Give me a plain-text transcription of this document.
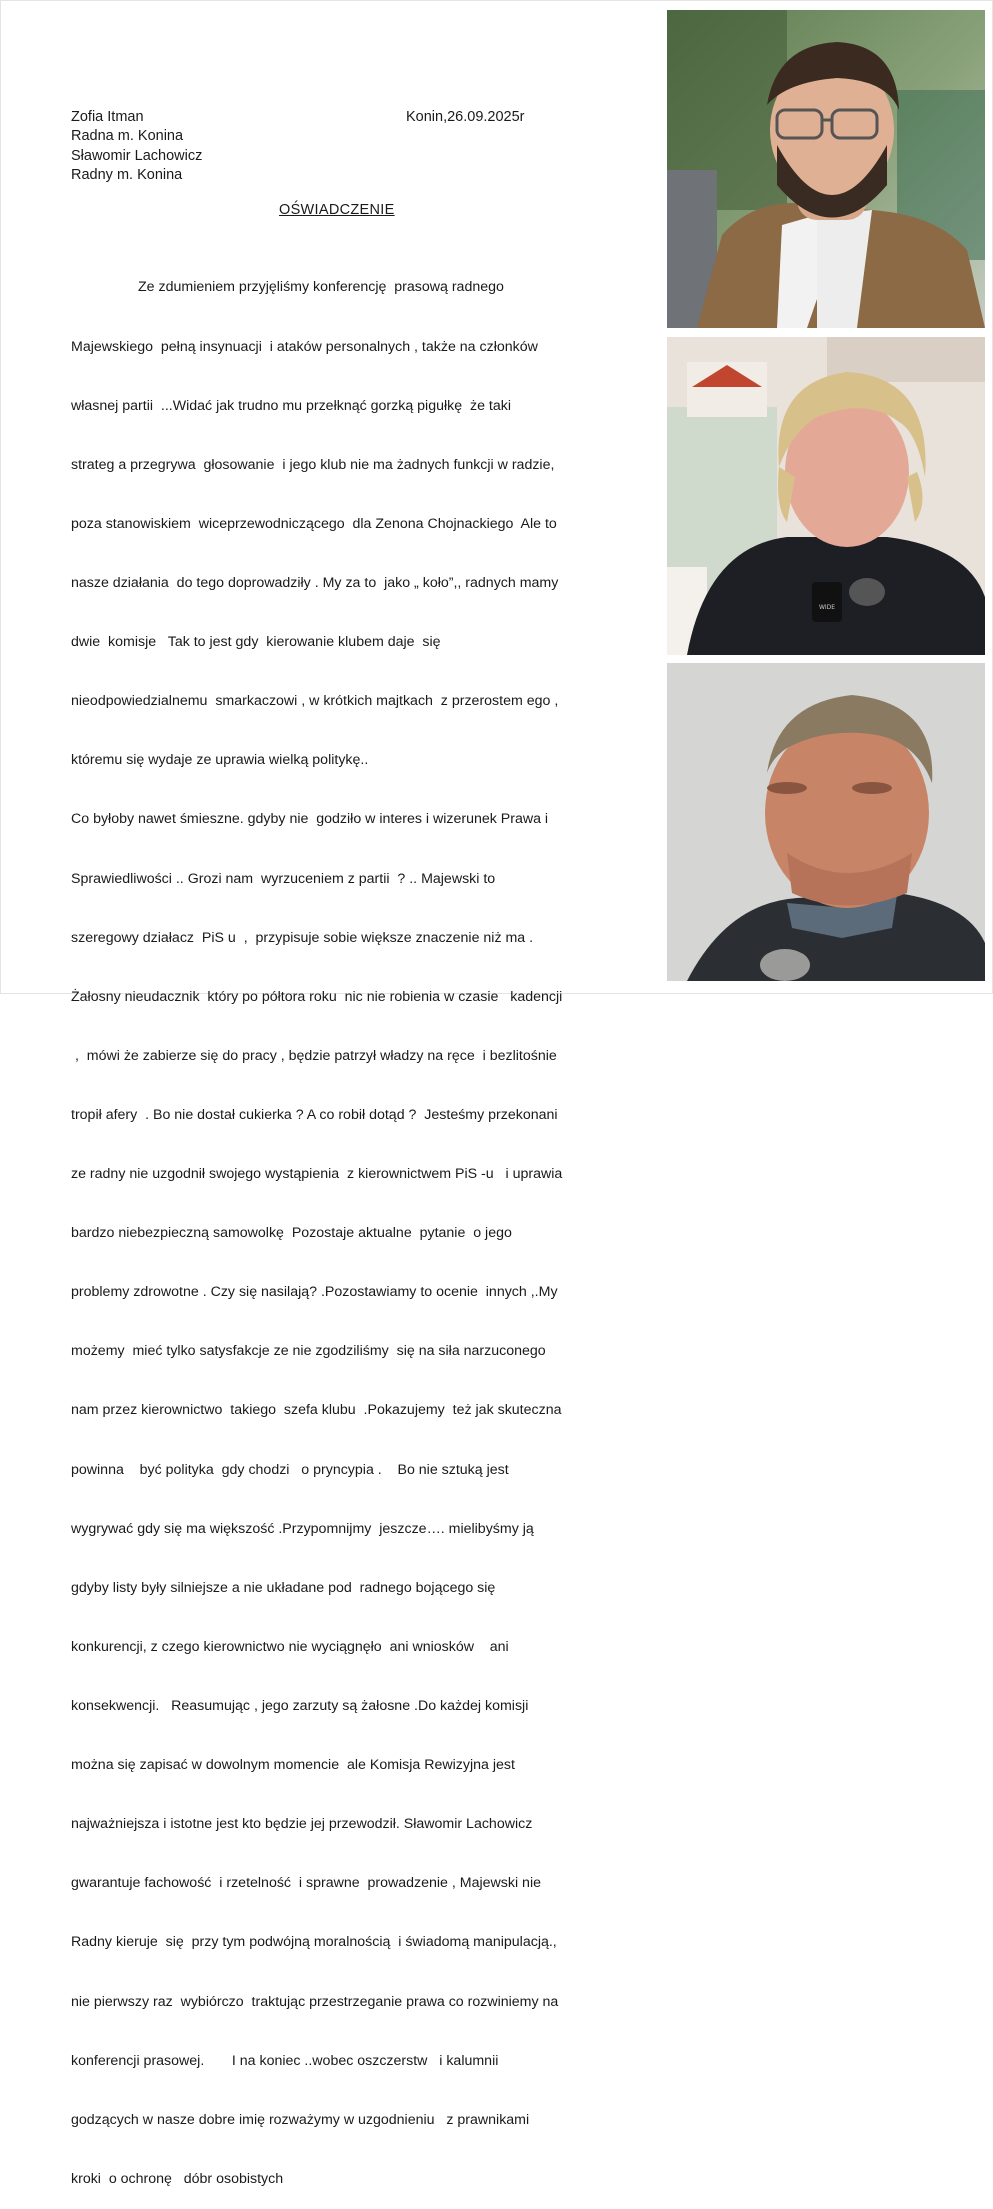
Zofia Itman
Radna m. Konina
Sławomir Lachowicz
Radny m. Konina
Konin,26.09.2025r
OŚWIADCZENIE

Ze zdumieniem przyjęliśmy konferencję  prasową radnego

Majewskiego  pełną insynuacji  i ataków personalnych , także na członków

własnej partii  ...Widać jak trudno mu przełknąć gorzką pigułkę  że taki

strateg a przegrywa  głosowanie  i jego klub nie ma żadnych funkcji w radzie,

poza stanowiskiem  wiceprzewodniczącego  dla Zenona Chojnackiego  Ale to

nasze działania  do tego doprowadziły . My za to  jako „ koło”,, radnych mamy

dwie  komisje   Tak to jest gdy  kierowanie klubem daje  się

nieodpowiedzialnemu  smarkaczowi , w krótkich majtkach  z przerostem ego ,

któremu się wydaje ze uprawia wielką politykę..

Co byłoby nawet śmieszne. gdyby nie  godziło w interes i wizerunek Prawa i

Sprawiedliwości .. Grozi nam  wyrzuceniem z partii  ? .. Majewski to

szeregowy działacz  PiS u  ,  przypisuje sobie większe znaczenie niż ma .

Żałosny nieudacznik  który po półtora roku  nic nie robienia w czasie   kadencji

,  mówi że zabierze się do pracy , będzie patrzył władzy na ręce  i bezlitośnie

tropił afery  . Bo nie dostał cukierka ? A co robił dotąd ?  Jesteśmy przekonani

ze radny nie uzgodnił swojego wystąpienia  z kierownictwem PiS -u   i uprawia

bardzo niebezpieczną samowolkę  Pozostaje aktualne  pytanie  o jego

problemy zdrowotne . Czy się nasilają? .Pozostawiamy to ocenie  innych ,.My

możemy  mieć tylko satysfakcje ze nie zgodziliśmy  się na siła narzuconego

nam przez kierownictwo  takiego  szefa klubu  .Pokazujemy  też jak skuteczna

powinna    być polityka  gdy chodzi   o pryncypia .    Bo nie sztuką jest

wygrywać gdy się ma większość .Przypomnijmy  jeszcze…. mielibyśmy ją

gdyby listy były silniejsze a nie układane pod  radnego bojącego się

konkurencji, z czego kierownictwo nie wyciągnęło  ani wniosków    ani

konsekwencji.   Reasumując , jego zarzuty są żałosne .Do każdej komisji

można się zapisać w dowolnym momencie  ale Komisja Rewizyjna jest

najważniejsza i istotne jest kto będzie jej przewodził. Sławomir Lachowicz

gwarantuje fachowość  i rzetelność  i sprawne  prowadzenie , Majewski nie

Radny kieruje  się  przy tym podwójną moralnością  i świadomą manipulacją.,

nie pierwszy raz  wybiórczo  traktując przestrzeganie prawa co rozwiniemy na

konferencji prasowej.       I na koniec ..wobec oszczerstw   i kalumnii

godzących w nasze dobre imię rozważymy w uzgodnieniu   z prawnikami

kroki  o ochronę   dóbr osobistych

WIDE
